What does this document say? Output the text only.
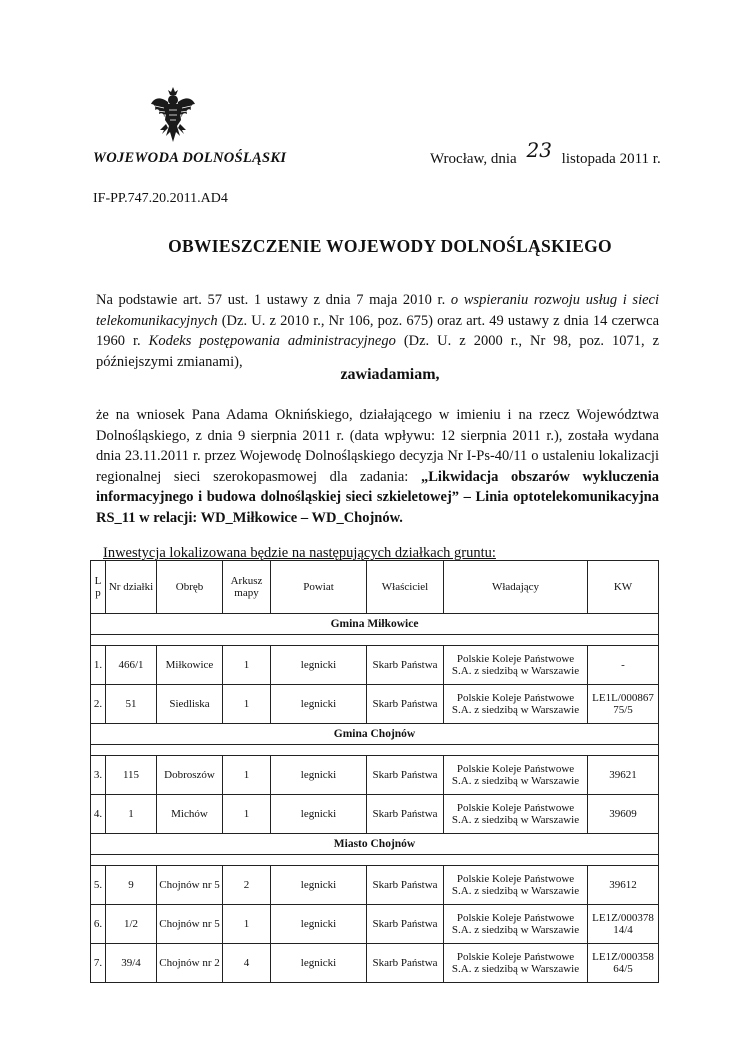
WOJEWODA DOLNOŚLĄSKI	Wrocław, dnia 23 listopada 2011 r.
IF-PP.747.20.2011.AD4
OBWIESZCZENIE WOJEWODY DOLNOŚLĄSKIEGO
Na podstawie art. 57 ust. 1 ustawy z dnia 7 maja 2010 r. o wspieraniu rozwoju usług i sieci telekomunikacyjnych (Dz. U. z 2010 r., Nr 106, poz. 675) oraz art. 49 ustawy z dnia 14 czerwca 1960 r. Kodeks postępowania administracyjnego (Dz. U. z 2000 r., Nr 98, poz. 1071, z późniejszymi zmianami),
zawiadamiam,
że na wniosek Pana Adama Oknińskiego, działającego w imieniu i na rzecz Województwa Dolnośląskiego, z dnia 9 sierpnia 2011 r. (data wpływu: 12 sierpnia 2011 r.), została wydana dnia 23.11.2011 r. przez Wojewodę Dolnośląskiego decyzja Nr I-Ps-40/11 o ustaleniu lokalizacji regionalnej sieci szerokopasmowej dla zadania: „Likwidacja obszarów wykluczenia informacyjnego i budowa dolnośląskiej sieci szkieletowej” – Linia optotelekomunikacyjna RS_11 w relacji: WD_Miłkowice – WD_Chojnów.
Inwestycja lokalizowana będzie na następujących działkach gruntu:
L p	Nr działki	Obręb	Arkusz mapy	Powiat	Właściciel	Władający	KW
Gmina Miłkowice							

1.	466/1	Miłkowice	1	legnicki	Skarb Państwa	Polskie Koleje Państwowe S.A. z siedzibą w Warszawie	-
2.	51	Siedliska	1	legnicki	Skarb Państwa	Polskie Koleje Państwowe S.A. z siedzibą w Warszawie	LE1L/000867 75/5
Gmina Chojnów							

3.	115	Dobroszów	1	legnicki	Skarb Państwa	Polskie Koleje Państwowe S.A. z siedzibą w Warszawie	39621
4.	1	Michów	1	legnicki	Skarb Państwa	Polskie Koleje Państwowe S.A. z siedzibą w Warszawie	39609
Miasto Chojnów							

5.	9	Chojnów nr 5	2	legnicki	Skarb Państwa	Polskie Koleje Państwowe S.A. z siedzibą w Warszawie	39612
6.	1/2	Chojnów nr 5	1	legnicki	Skarb Państwa	Polskie Koleje Państwowe S.A. z siedzibą w Warszawie	LE1Z/000378 14/4
7.	39/4	Chojnów nr 2	4	legnicki	Skarb Państwa	Polskie Koleje Państwowe S.A. z siedzibą w Warszawie	LE1Z/000358 64/5
